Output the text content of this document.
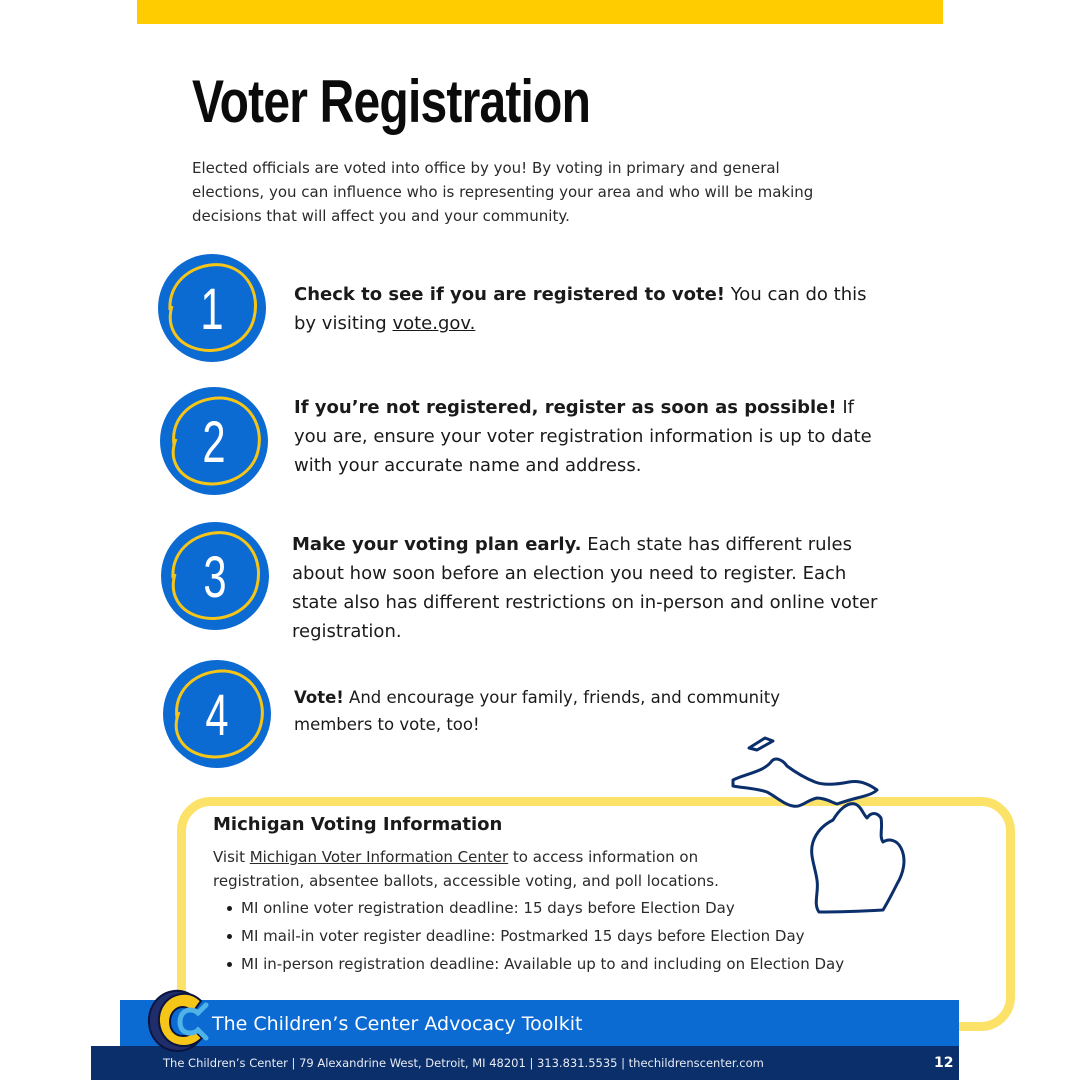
Voter Registration

Elected officials are voted into office by you! By voting in primary and general elections, you can influence who is representing your area and who will be making decisions that will affect you and your community.

1	Check to see if you are registered to vote! You can do this by visiting vote.gov.

2

If you’re not registered, register as soon as possible! If you are, ensure your voter registration information is up to date with your accurate name and address.

3	Make your voting plan early. Each state has different rules about how soon before an election you need to register. Each state also has different restrictions on in-person and online voter registration.

4	Vote! And encourage your family, friends, and community members to vote, too!

Michigan Voting Information

Visit Michigan Voter Information Center to access information on registration, absentee ballots, accessible voting, and poll locations.

MI online voter registration deadline: 15 days before Election Day
MI mail-in voter register deadline: Postmarked 15 days before Election Day
MI in-person registration deadline: Available up to and including on Election Day

The Children’s Center Advocacy Toolkit

The Children’s Center | 79 Alexandrine West, Detroit, MI 48201 | 313.831.5535 | thechildrenscenter.com	12
